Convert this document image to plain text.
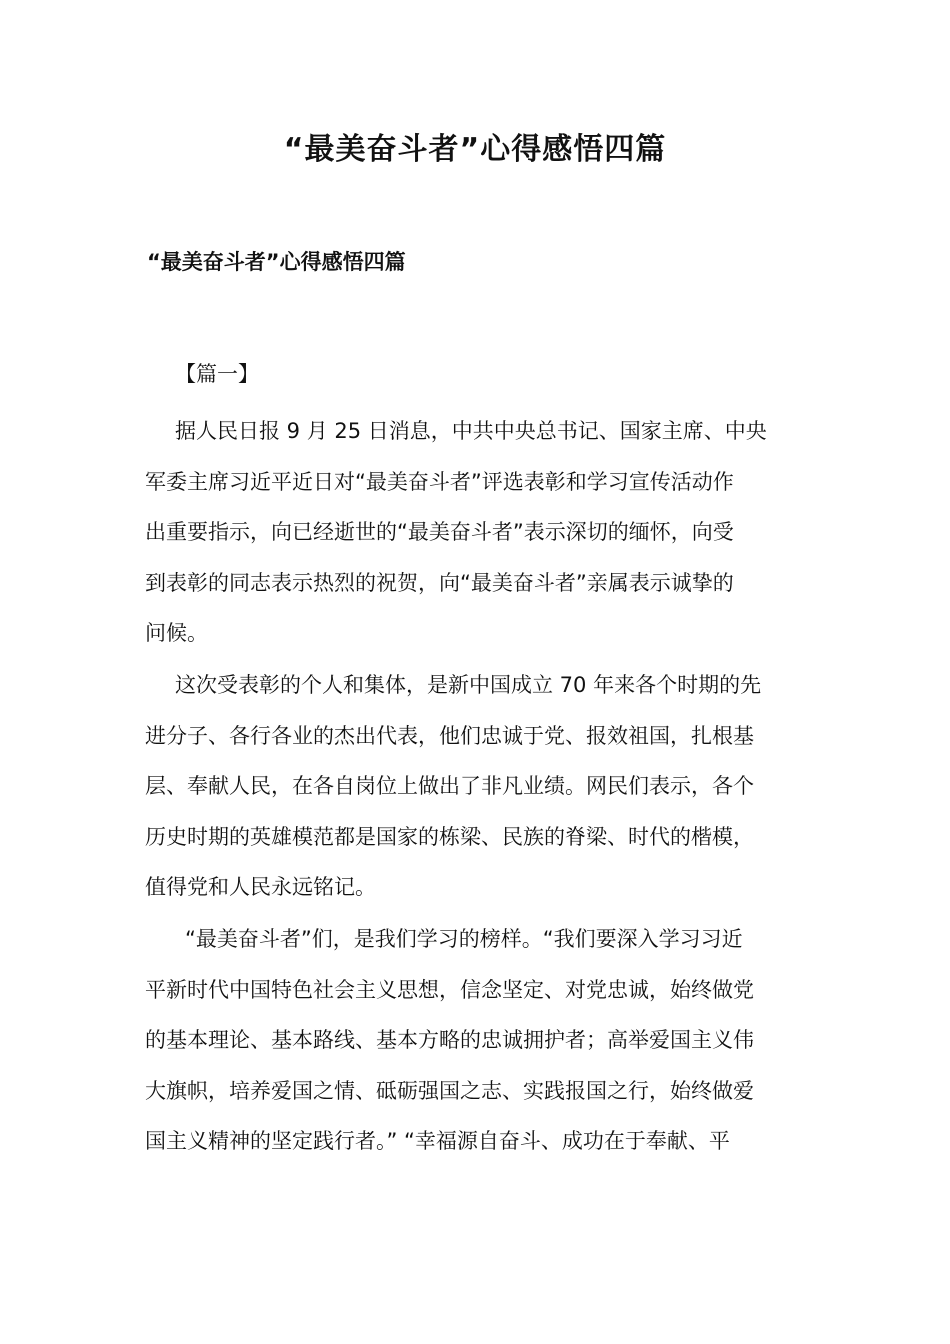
“最美奋斗者”心得感悟四篇
“最美奋斗者”心得感悟四篇
【篇一】
据人民日报 9 月 25 日消息，中共中央总书记、国家主席、中央
军委主席习近平近日对“最美奋斗者”评选表彰和学习宣传活动作
出重要指示，向已经逝世的“最美奋斗者”表示深切的缅怀，向受
到表彰的同志表示热烈的祝贺，向“最美奋斗者”亲属表示诚挚的
问候。
这次受表彰的个人和集体，是新中国成立 70 年来各个时期的先
进分子、各行各业的杰出代表，他们忠诚于党、报效祖国，扎根基
层、奉献人民，在各自岗位上做出了非凡业绩。网民们表示，各个
历史时期的英雄模范都是国家的栋梁、民族的脊梁、时代的楷模，
值得党和人民永远铭记。
“最美奋斗者”们，是我们学习的榜样。“我们要深入学习习近
平新时代中国特色社会主义思想，信念坚定、对党忠诚，始终做党
的基本理论、基本路线、基本方略的忠诚拥护者；高举爱国主义伟
大旗帜，培养爱国之情、砥砺强国之志、实践报国之行，始终做爱
国主义精神的坚定践行者。” “幸福源自奋斗、成功在于奉献、平
